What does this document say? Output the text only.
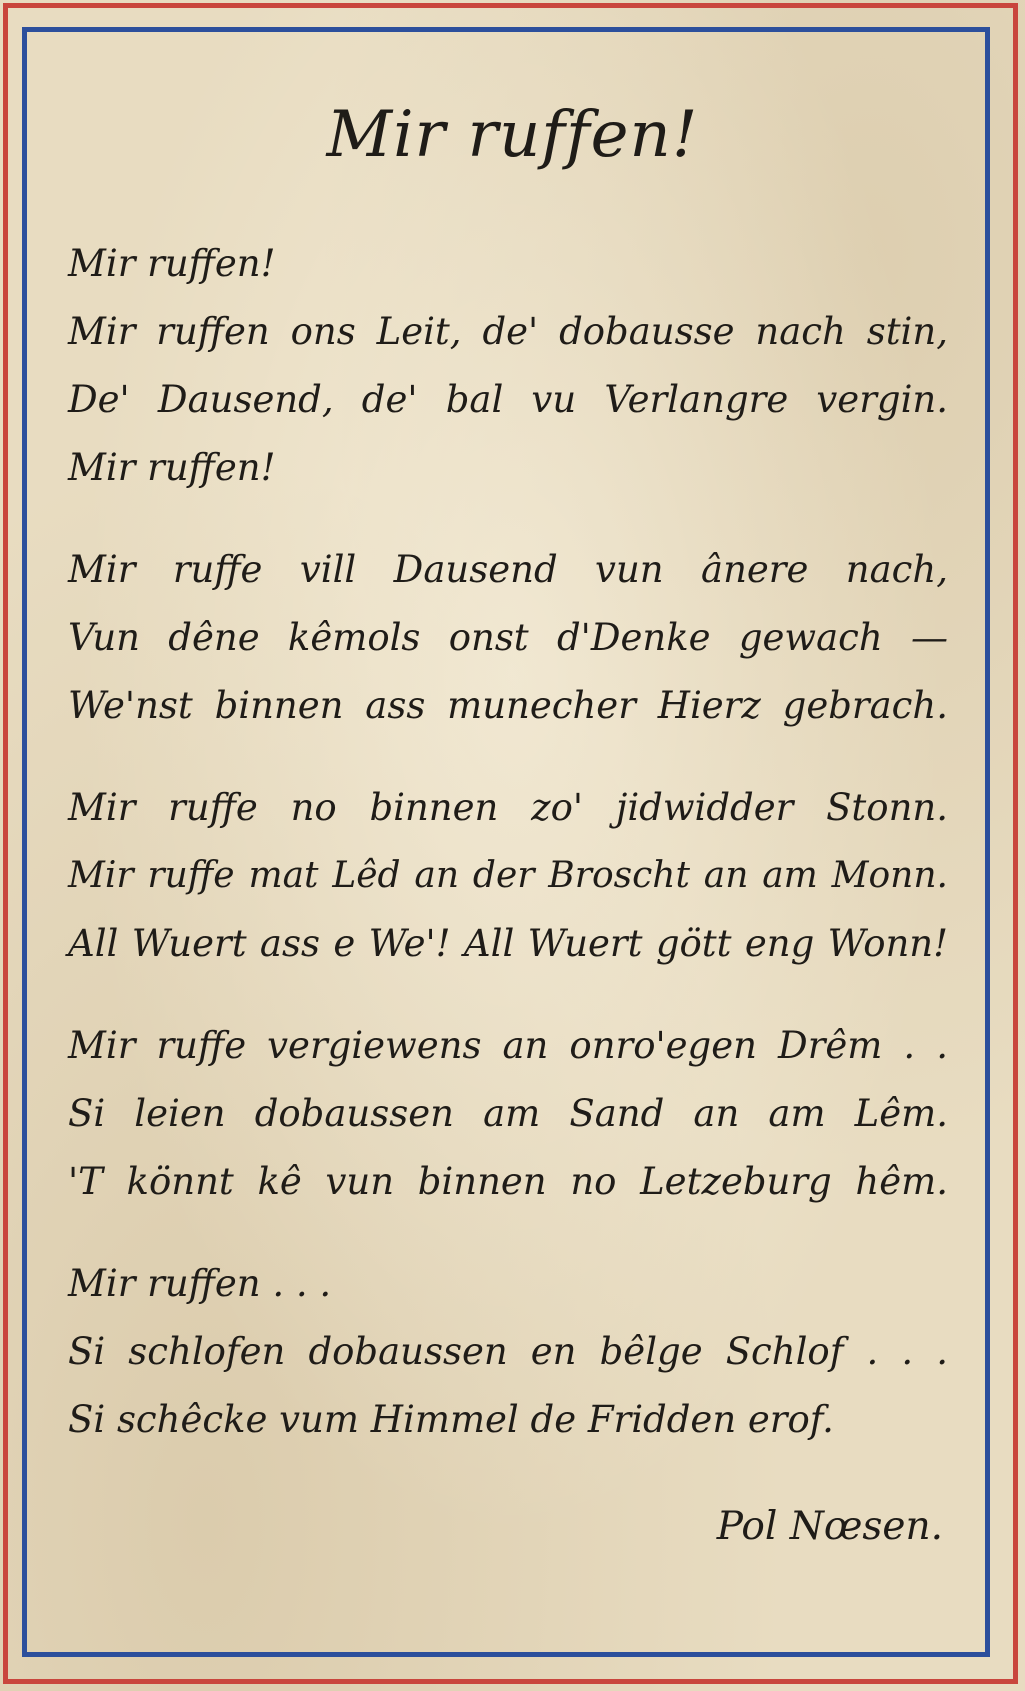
Mir ruffen!
Mir ruffen!
Mir ruffen ons Leit, de' dobausse nach stin,
De' Dausend, de' bal vu Verlangre vergin.
Mir ruffen!
Mir ruffe vill Dausend vun ânere nach,
Vun dêne kêmols onst d'Denke gewach —
We'nst binnen ass munecher Hierz gebrach.
Mir ruffe no binnen zo' jidwidder Stonn.
Mir ruffe mat Lêd an der Broscht an am Monn.
All Wuert ass e We'! All Wuert gött eng Wonn!
Mir ruffe vergiewens an onro'egen Drêm . .
Si leien dobaussen am Sand an am Lêm.
'T könnt kê vun binnen no Letzeburg hêm.
Mir ruffen . . .
Si schlofen dobaussen en bêlge Schlof . . .
Si schêcke vum Himmel de Fridden erof.
Pol Nœsen.
